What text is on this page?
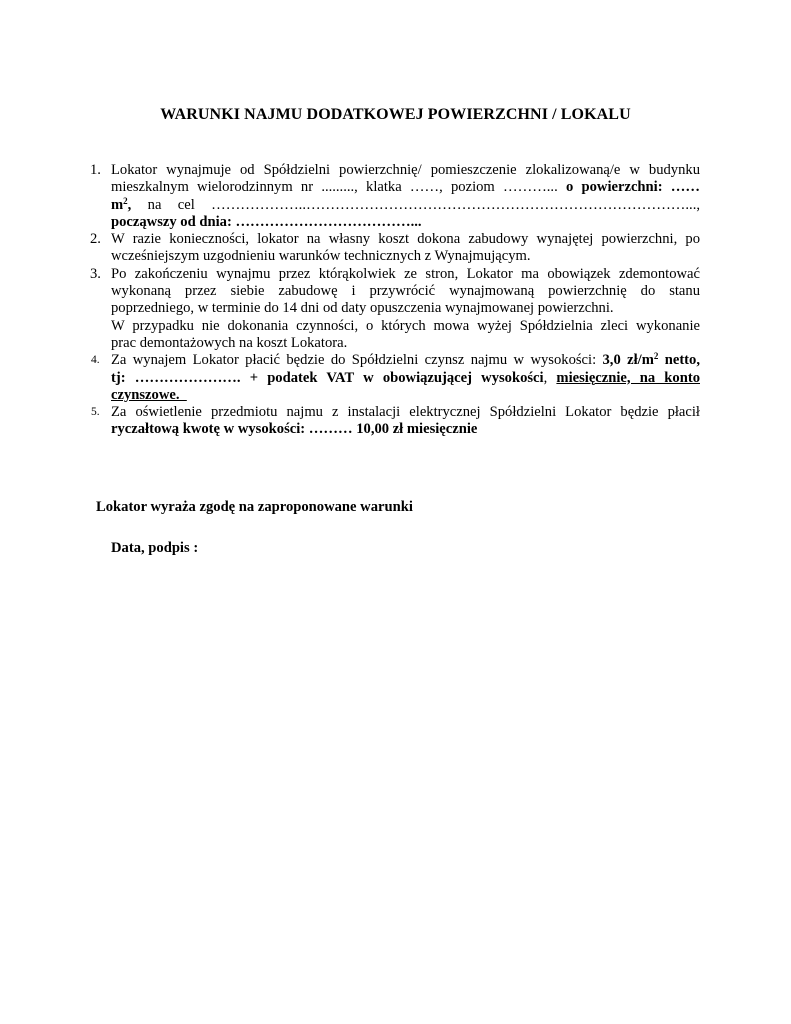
WARUNKI NAJMU DODATKOWEJ POWIERZCHNI / LOKALU
1. Lokator wynajmuje od Spółdzielni powierzchnię/ pomieszczenie zlokalizowaną/e w budynku
mieszkalnym wielorodzinnym nr ........., klatka ……, poziom ………... o powierzchni: ……
$m^2$, na cel ………………..……………………………………………………………………...,
począwszy od dnia: ………………………………...
2. W razie konieczności, lokator na własny koszt dokona zabudowy wynajętej powierzchni, po
wcześniejszym uzgodnieniu warunków technicznych z Wynajmującym.
3. Po zakończeniu wynajmu przez którąkolwiek ze stron, Lokator ma obowiązek zdemontować
wykonaną przez siebie zabudowę i przywrócić wynajmowaną powierzchnię do stanu
poprzedniego, w terminie do 14 dni od daty opuszczenia wynajmowanej powierzchni.
W przypadku nie dokonania czynności, o których mowa wyżej Spółdzielnia zleci wykonanie
prac demontażowych na koszt Lokatora.
4. Za wynajem Lokator płacić będzie do Spółdzielni czynsz najmu w wysokości: 3,0 $zł/m^2$ netto,
tj: …………………. + podatek VAT w obowiązującej wysokości, miesięcznie, na konto
czynszowe.
5. Za oświetlenie przedmiotu najmu z instalacji elektrycznej Spółdzielni Lokator będzie płacił
ryczałtową kwotę w wysokości: ……… 10,00 zł miesięcznie
Lokator wyraża zgodę na zaproponowane warunki
Data, podpis :
